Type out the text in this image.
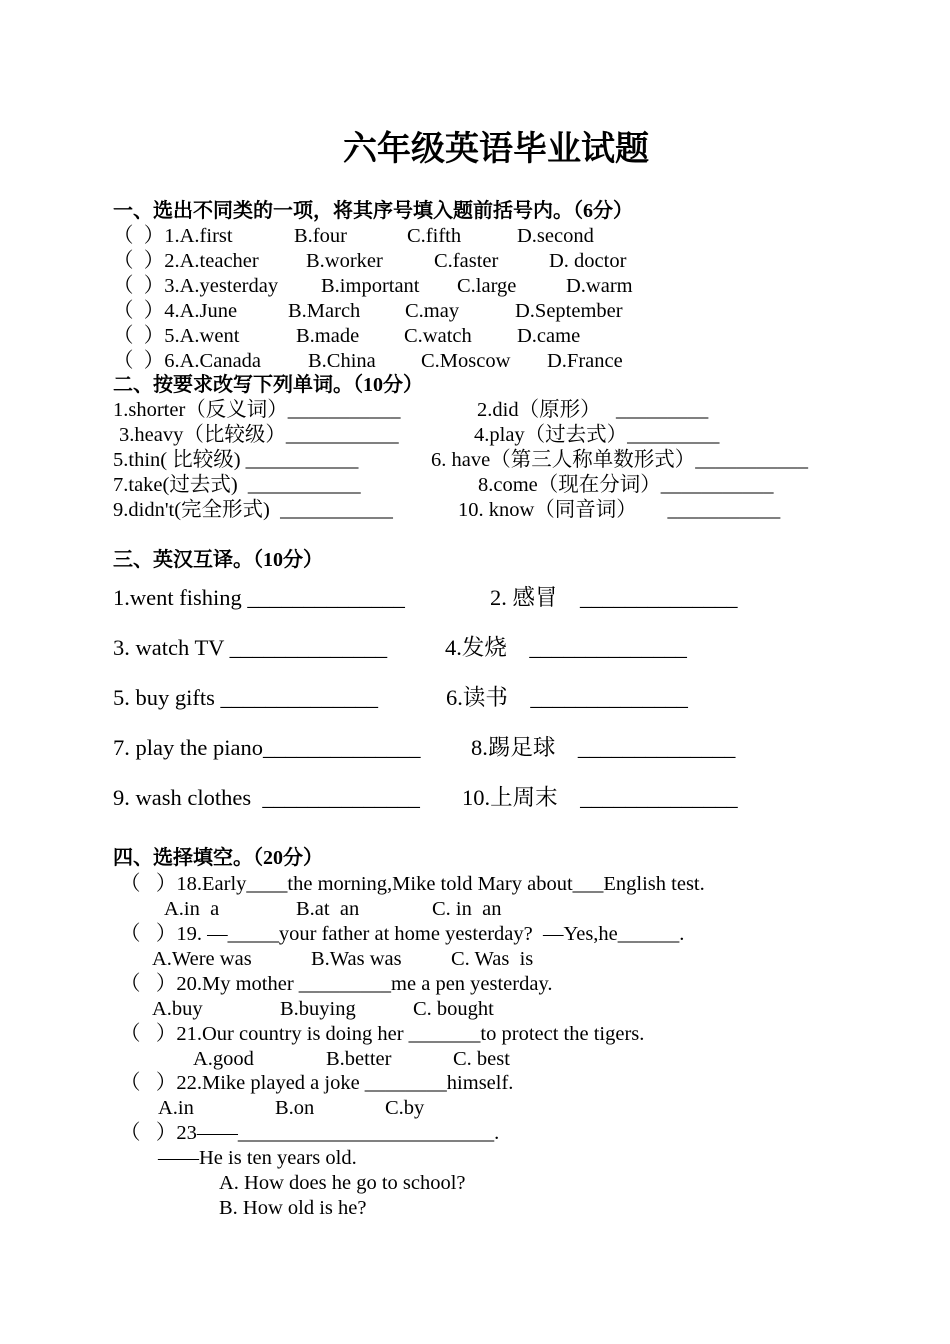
六年级英语毕业试题
一、选出不同类的一项，将其序号填入题前括号内。（6分）
（  ）1.A.first	B.four	C.fifth	D.second
（  ）2.A.teacher B.worker C.faster D. doctor
（  ）3.A.yesterday B.important C.large D.warm
（  ）4.A.June B.March C.may	D.September
（  ）5.A.went	B.made C.watch D.came
（  ）6.A.Canada B.China C.Moscow D.France
二、按要求改写下列单词。（10分）
1.shorter（反义词）___________	2.did（原形）   _________
3.heavy（比较级）___________	4.play（过去式）_________
5.thin( 比较级) ___________	6. have（第三人称单数形式）___________
7.take(过去式)  ___________	8.come（现在分词）___________
9.didn't(完全形式)  ___________	10. know（同音词）      ___________
三、英汉互译。（10分）
1.went fishing ______________	2. 感冒    ______________
3. watch TV ______________	4.发烧    ______________
5. buy gifts ______________	6.读书    ______________
7. play the piano______________ 8.踢足球    ______________
9. wash clothes  ______________ 10.上周末    ______________
四、选择填空。（20分）
（   ）18.Early____the morning,Mike told Mary about___English test.
A.in  a	B.at  an	C. in  an
（   ）19. —_____your father at home yesterday?  —Yes,he______.
A.Were was	B.Was was C. Was  is
（   ）20.My mother _________me a pen yesterday.
A.buy	B.buying	C. bought
（   ）21.Our country is doing her _______to protect the tigers.
A.good	B.better	C. best
（   ）22.Mike played a joke ________himself.
A.in	B.on	C.by
（   ）23——_________________________.
——He is ten years old.
A. How does he go to school?
B. How old is he?
